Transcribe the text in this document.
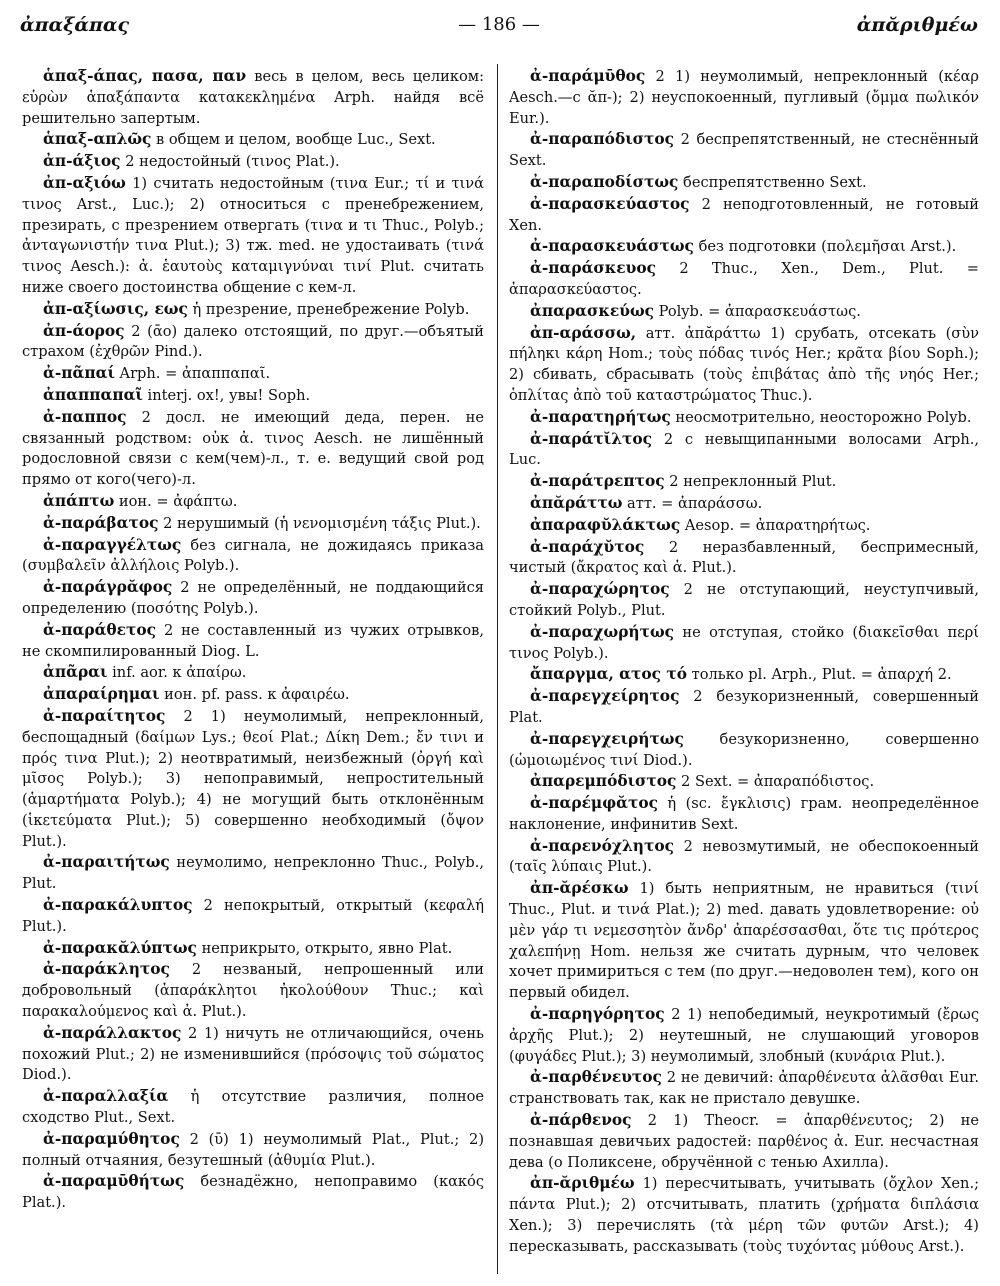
ἀπαξάπας	— 186 —	ἀπᾰριθμέω

ἁπαξ-άπας, πασα, παν весь в целом, весь целиком: εὑρὼν ἁπαξάπαντα κατακεκλημένα Arph. найдя всё решительно запертым.

ἁπαξ-απλῶς в общем и целом, вообще Luc., Sext.

ἀπ-άξιος 2 недостойный (τινος Plat.).

ἀπ-αξιόω 1) считать недостойным (τινα Eur.; τί и τινά τινος Arst., Luc.); 2) относиться с пренебрежением, презирать, с презрением отвергать (τινα и τι Thuc., Polyb.; ἀνταγωνιστήν τινα Plut.); 3) тж. med. не удостаивать (τινά τινος Aesch.): ἀ. ἑαυτοὺς καταμιγνύναι τινί Plut. считать ниже своего достоинства общение с кем-л.

ἀπ-αξίωσις, εως ἡ презрение, пренебрежение Polyb.

ἀπ-άορος 2 (ᾱο) далеко отстоящий, по друг.—объятый страхом (ἐχθρῶν Pind.).

ἀ-πᾶπαί Arph. = ἀπαππαπαῖ.

ἀπαππαπαῖ interj. ох!, увы! Soph.

ἀ-παππος 2 досл. не имеющий деда, перен. не связанный родством: οὐκ ἀ. τινος Aesch. не лишённый родословной связи с кем(чем)-л., т. е. ведущий свой род прямо от кого(чего)-л.

ἀπάπτω ион. = ἀφάπτω.

ἀ-παράβατος 2 нерушимый (ἡ νενομισμένη τάξις Plut.).

ἀ-παραγγέλτως без сигнала, не дожидаясь приказа (συμβαλεῖν ἀλλήλοις Polyb.).

ἀ-παράγρᾰφος 2 не определённый, не поддающийся определению (ποσότης Polyb.).

ἀ-παράθετος 2 не составленный из чужих отрывков, не скомпилированный Diog. L.

ἀπᾶραι inf. aor. к ἀπαίρω.

ἀπαραίρημαι ион. pf. pass. к ἀφαιρέω.

ἀ-παραίτητος 2 1) неумолимый, непреклонный, беспощадный (δαίμων Lys.; θεοί Plat.; Δίκη Dem.; ἔν τινι и πρός τινα Plut.); 2) неотвратимый, неизбежный (ὀργή καὶ μῖσος Polyb.); 3) непоправимый, непростительный (ἁμαρτήματα Polyb.); 4) не могущий быть отклонённым (ἱκετεύματα Plut.); 5) совершенно необходимый (ὄψον Plut.).

ἀ-παραιτήτως неумолимо, непреклонно Thuc., Polyb., Plut.

ἀ-παρακάλυπτος 2 непокрытый, открытый (κεφαλή Plut.).

ἀ-παρακᾰλύπτως неприкрыто, открыто, явно Plat.

ἀ-παράκλητος 2 незваный, непрошенный или добровольный (ἀπαράκλητοι ἠκολούθουν Thuc.; καὶ παρακαλούμενος καὶ ἀ. Plut.).

ἀ-παράλλακτος 2 1) ничуть не отличающийся, очень похожий Plut.; 2) не изменившийся (πρόσοψις τοῦ σώματος Diod.).

ἀ-παραλλαξία ἡ отсутствие различия, полное сходство Plut., Sext.

ἀ-παραμύθητος 2 (ῡ) 1) неумолимый Plat., Plut.; 2) полный отчаяния, безутешный (ἀθυμία Plut.).

ἀ-παραμῡθήτως безнадёжно, непоправимо (κακός Plat.).

ἀ-παράμῡθος 2 1) неумолимый, непреклонный (κέαρ Aesch.—с ᾰπ-); 2) неуспокоенный, пугливый (ὄμμα πωλικόν Eur.).

ἀ-παραπόδιστος 2 беспрепятственный, не стеснённый Sext.

ἀ-παραποδίστως беспрепятственно Sext.

ἀ-παρασκεύαστος 2 неподготовленный, не готовый Xen.

ἀ-παρασκευάστως без подготовки (πολεμῆσαι Arst.).

ἀ-παράσκευος 2 Thuc., Xen., Dem., Plut. = ἀπαρασκεύαστος.

ἀπαρασκεύως Polyb. = ἀπαρασκευάστως.

ἀπ-αράσσω, атт. ἀπᾰράττω 1) срубать, отсекать (σὺν πήληκι κάρη Hom.; τοὺς πόδας τινός Her.; κρᾶτα βίου Soph.); 2) сбивать, сбрасывать (τοὺς ἐπιβάτας ἀπὸ τῆς νηός Her.; ὁπλίτας ἀπὸ τοῦ καταστρώματος Thuc.).

ἀ-παρατηρήτως неосмотрительно, неосторожно Polyb.

ἀ-παράτῐλτος 2 с невыщипанными волосами Arph., Luc.

ἀ-παράτρεπτος 2 непреклонный Plut.

ἀπᾰράττω атт. = ἀπαράσσω.

ἀπαραφῠλάκτως Aesop. = ἀπαρατηρήτως.

ἀ-παράχῠτος 2 неразбавленный, беспримесный, чистый (ἄκρατος καὶ ἀ. Plut.).

ἀ-παραχώρητος 2 не отступающий, неуступчивый, стойкий Polyb., Plut.

ἀ-παραχωρήτως не отступая, стойко (διακεῖσθαι περί τινος Polyb.).

ἄπαργμα, ατος τό только pl. Arph., Plut. = ἀπαρχή 2.

ἀ-παρεγχείρητος 2 безукоризненный, совершенный Plat.

ἀ-παρεγχειρήτως безукоризненно, совершенно (ὡμοιωμένος τινί Diod.).

ἀπαρεμπόδιστος 2 Sext. = ἀπαραπόδιστος.

ἀ-παρέμφᾰτος ἡ (sc. ἔγκλισις) грам. неопределённое наклонение, инфинитив Sext.

ἀ-παρενόχλητος 2 невозмутимый, не обеспокоенный (ταῖς λύπαις Plut.).

ἀπ-ᾰρέσκω 1) быть неприятным, не нравиться (τινί Thuc., Plut. и τινά Plat.); 2) med. давать удовлетворение: οὐ μὲν γάρ τι νεμεσσητὸν ἄνδρ' ἀπαρέσσασθαι, ὅτε τις πρότερος χαλεπήνῃ Hom. нельзя же считать дурным, что человек хочет примириться с тем (по друг.—недоволен тем), кого он первый обидел.

ἀ-παρηγόρητος 2 1) непобедимый, неукротимый (ἔρως ἀρχῆς Plut.); 2) неутешный, не слушающий уговоров (φυγάδες Plut.); 3) неумолимый, злобный (κυνάρια Plut.).

ἀ-παρθένευτος 2 не девичий: ἀπαρθένευτα ἀλᾶσθαι Eur. странствовать так, как не пристало девушке.

ἀ-πάρθενος 2 1) Theocr. = ἀπαρθένευτος; 2) не познавшая девичьих радостей: παρθένος ἀ. Eur. несчастная дева (о Поликсене, обручённой с тенью Ахилла).

ἀπ-ᾰριθμέω 1) пересчитывать, учитывать (ὄχλον Xen.; πάντα Plut.); 2) отсчитывать, платить (χρήματα διπλάσια Xen.); 3) перечислять (τὰ μέρη τῶν φυτῶν Arst.); 4) пересказывать, рассказывать (τοὺς τυχόντας μύθους Arst.).
